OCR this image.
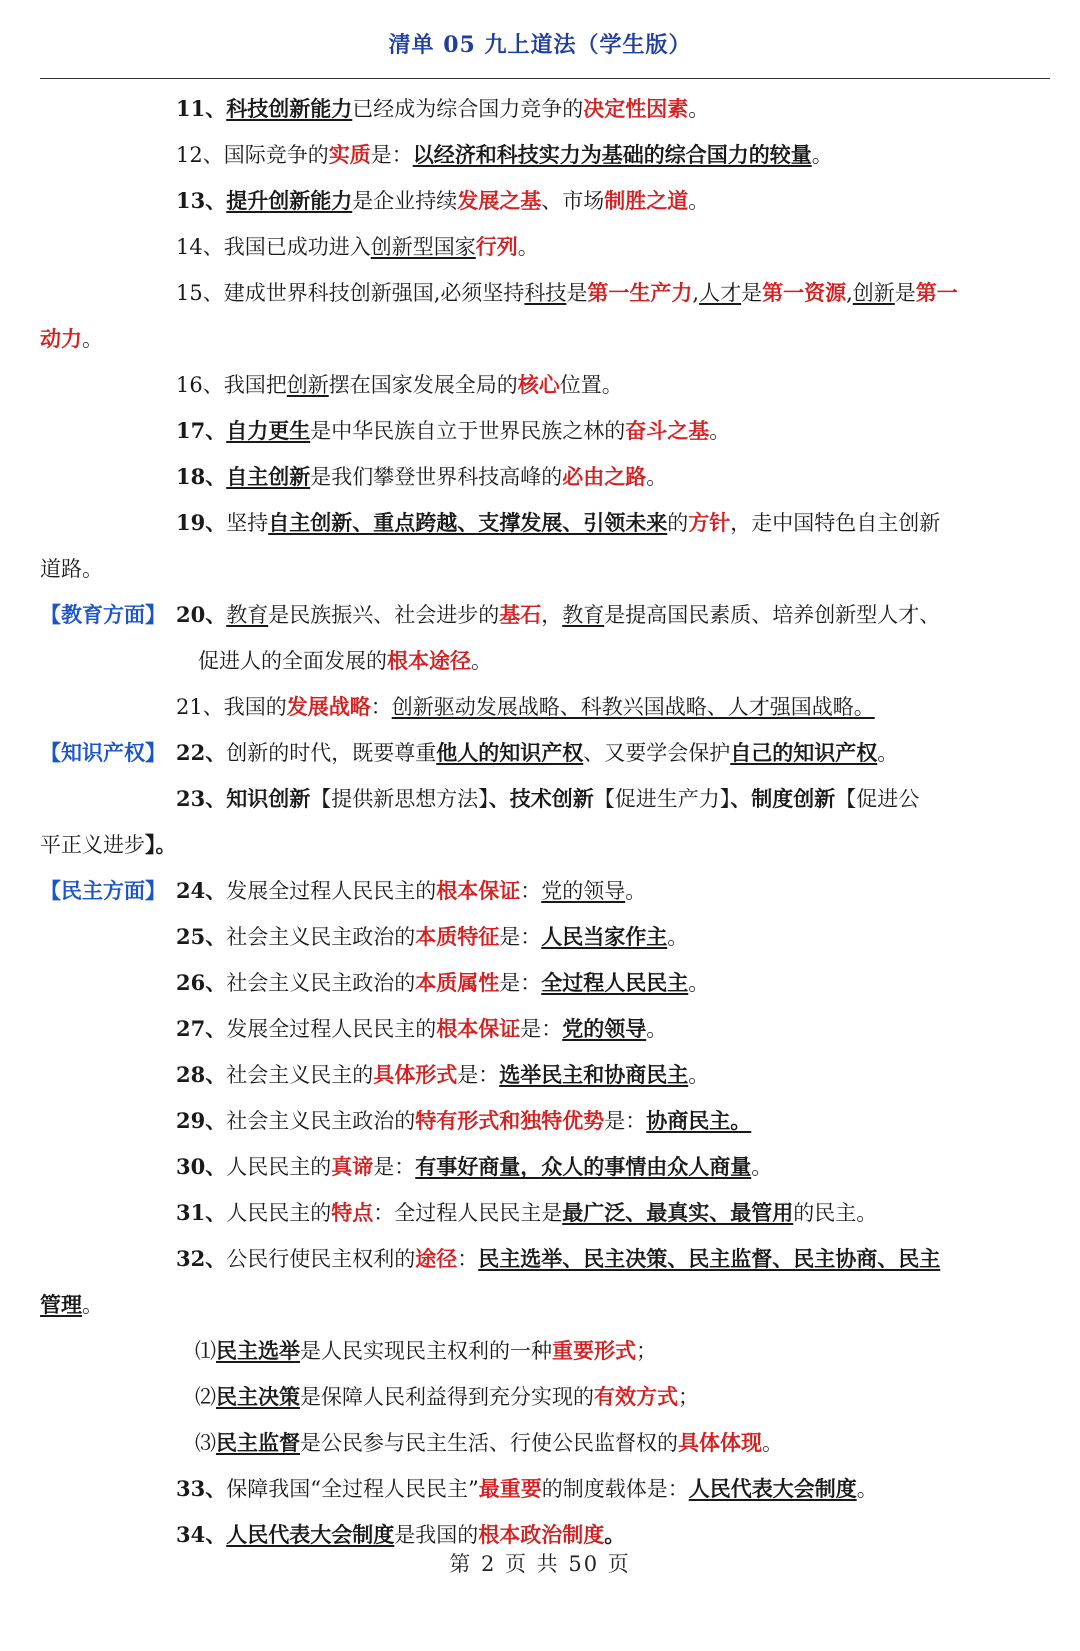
清单 05 九上道法（学生版）
11、科技创新能力已经成为综合国力竞争的决定性因素。
12、国际竞争的实质是：以经济和科技实力为基础的综合国力的较量。
13、提升创新能力是企业持续发展之基、市场制胜之道。
14、我国已成功进入创新型国家行列。
15、建成世界科技创新强国,必须坚持科技是第一生产力,人才是第一资源,创新是第一
动力。
16、我国把创新摆在国家发展全局的核心位置。
17、自力更生是中华民族自立于世界民族之林的奋斗之基。
18、自主创新是我们攀登世界科技高峰的必由之路。
19、坚持自主创新、重点跨越、支撑发展、引领未来的方针，走中国特色自主创新
道路。
【教育方面】 20、教育是民族振兴、社会进步的基石，教育是提高国民素质、培养创新型人才、
促进人的全面发展的根本途径。
21、我国的发展战略：创新驱动发展战略、科教兴国战略、人才强国战略。
【知识产权】 22、创新的时代，既要尊重他人的知识产权、又要学会保护自己的知识产权。
23、知识创新【提供新思想方法】、技术创新【促进生产力】、制度创新【促进公
平正义进步】。
【民主方面】 24、发展全过程人民民主的根本保证：党的领导。
25、社会主义民主政治的本质特征是：人民当家作主。
26、社会主义民主政治的本质属性是：全过程人民民主。
27、发展全过程人民民主的根本保证是：党的领导。
28、社会主义民主的具体形式是：选举民主和协商民主。
29、社会主义民主政治的特有形式和独特优势是：协商民主。
30、人民民主的真谛是：有事好商量，众人的事情由众人商量。
31、人民民主的特点：全过程人民民主是最广泛、最真实、最管用的民主。
32、公民行使民主权利的途径：民主选举、民主决策、民主监督、民主协商、民主
管理。
⑴民主选举是人民实现民主权利的一种重要形式；
⑵民主决策是保障人民利益得到充分实现的有效方式；
⑶民主监督是公民参与民主生活、行使公民监督权的具体体现。
33、保障我国“全过程人民民主”最重要的制度载体是：人民代表大会制度。
34、人民代表大会制度是我国的根本政治制度。
第 2 页 共 50 页
